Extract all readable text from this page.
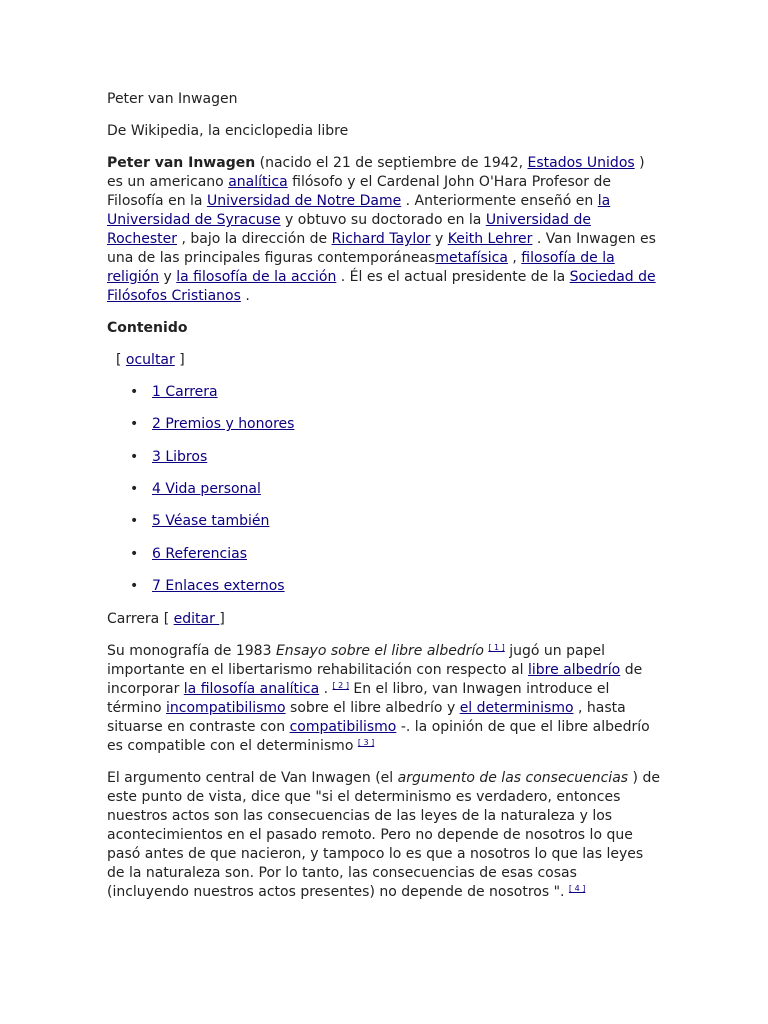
Peter van Inwagen
De Wikipedia, la enciclopedia libre
Peter van Inwagen (nacido el 21 de septiembre de 1942, Estados Unidos ) es un americano analítica filósofo y el Cardenal John O'Hara Profesor de Filosofía en la Universidad de Notre Dame . Anteriormente enseñó en la Universidad de Syracuse y obtuvo su doctorado en la Universidad de Rochester , bajo la dirección de Richard Taylor y Keith Lehrer . Van Inwagen es una de las principales figuras contemporáneasmetafísica , filosofía de la religión y la filosofía de la acción . Él es el actual presidente de la Sociedad de Filósofos Cristianos .
Contenido
[ ocultar ]
• 1 Carrera
• 2 Premios y honores
• 3 Libros
• 4 Vida personal
• 5 Véase también
• 6 Referencias
• 7 Enlaces externos
Carrera [ editar ]
Su monografía de 1983 Ensayo sobre el libre albedrío [ 1 ] jugó un papel importante en el libertarismo rehabilitación con respecto al libre albedrío de incorporar la filosofía analítica . [ 2 ] En el libro, van Inwagen introduce el término incompatibilismo sobre el libre albedrío y el determinismo , hasta situarse en contraste con compatibilismo -. la opinión de que el libre albedrío es compatible con el determinismo [ 3 ]
El argumento central de Van Inwagen (el argumento de las consecuencias ) de este punto de vista, dice que "si el determinismo es verdadero, entonces nuestros actos son las consecuencias de las leyes de la naturaleza y los acontecimientos en el pasado remoto. Pero no depende de nosotros lo que pasó antes de que nacieron, y tampoco lo es que a nosotros lo que las leyes de la naturaleza son. Por lo tanto, las consecuencias de esas cosas (incluyendo nuestros actos presentes) no depende de nosotros ". [ 4 ]
